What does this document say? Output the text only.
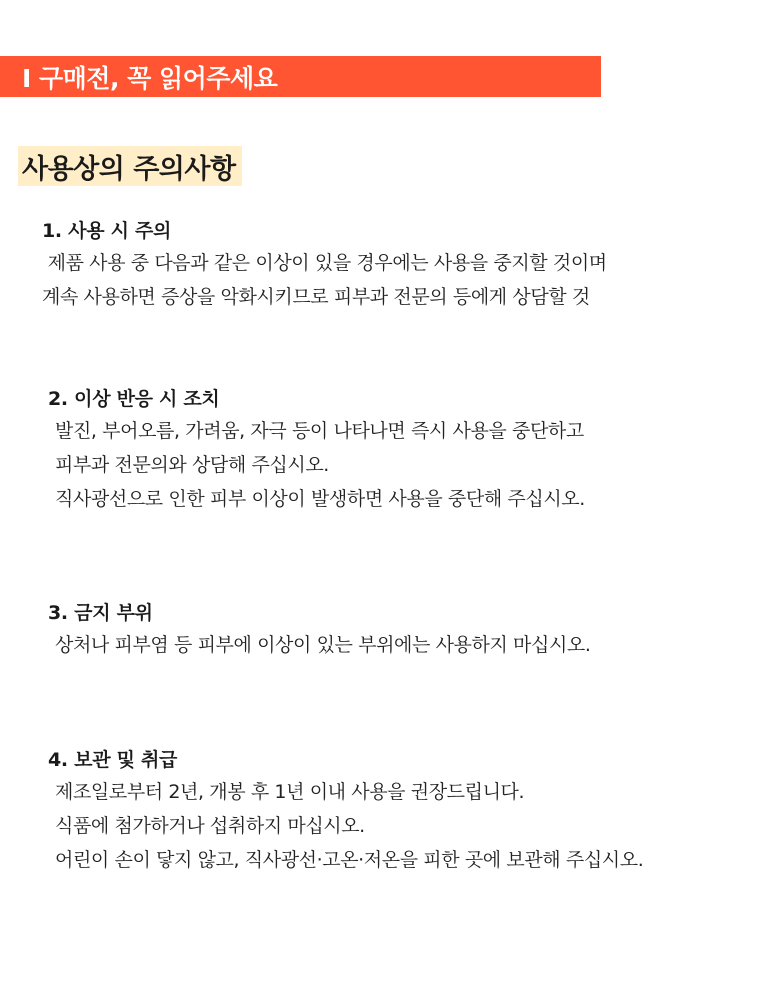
I 구매전, 꼭 읽어주세요
사용상의 주의사항
1. 사용 시 주의
제품 사용 중 다음과 같은 이상이 있을 경우에는 사용을 중지할 것이며
계속 사용하면 증상을 악화시키므로 피부과 전문의 등에게 상담할 것
2. 이상 반응 시 조치
발진, 부어오름, 가려움, 자극 등이 나타나면 즉시 사용을 중단하고
피부과 전문의와 상담해 주십시오.
직사광선으로 인한 피부 이상이 발생하면 사용을 중단해 주십시오.
3. 금지 부위
상처나 피부염 등 피부에 이상이 있는 부위에는 사용하지 마십시오.
4. 보관 및 취급
제조일로부터 2년, 개봉 후 1년 이내 사용을 권장드립니다.
식품에 첨가하거나 섭취하지 마십시오.
어린이 손이 닿지 않고, 직사광선·고온·저온을 피한 곳에 보관해 주십시오.
